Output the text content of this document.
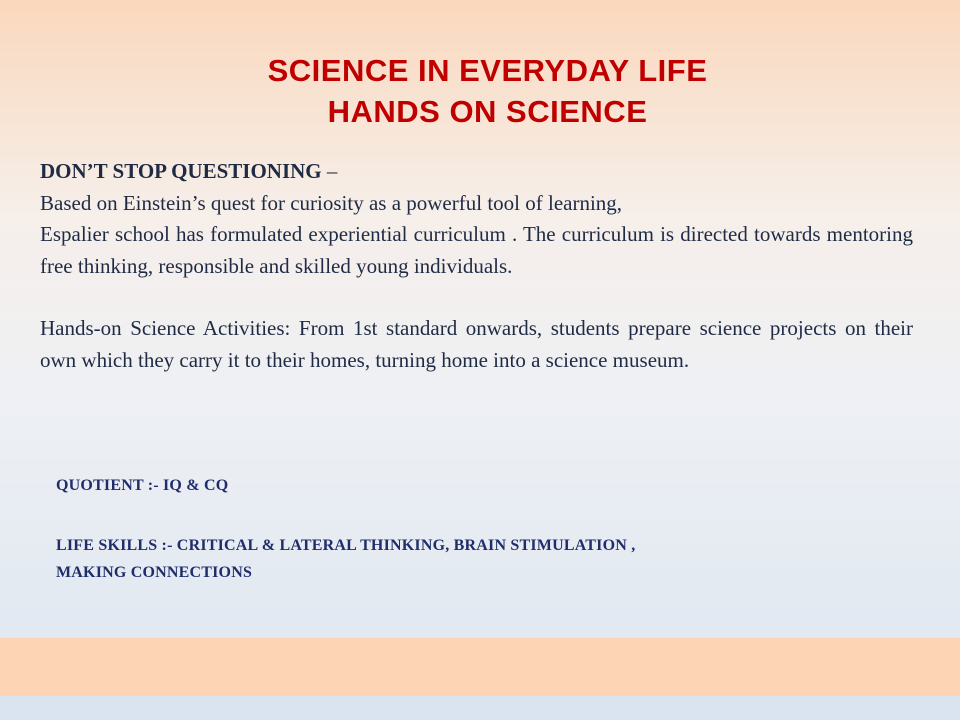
SCIENCE IN EVERYDAY LIFE
HANDS ON SCIENCE

DON’T STOP QUESTIONING –

Based on Einstein’s quest for curiosity as a powerful tool of learning,

Espalier school has formulated experiential curriculum . The curriculum is directed towards mentoring free thinking, responsible and skilled young individuals.

Hands-on Science Activities: From 1st standard onwards, students prepare science projects on their own which they carry it to their homes, turning home into a science museum.

QUOTIENT :- IQ & CQ
LIFE SKILLS :- CRITICAL & LATERAL THINKING, BRAIN STIMULATION ,
MAKING CONNECTIONS
